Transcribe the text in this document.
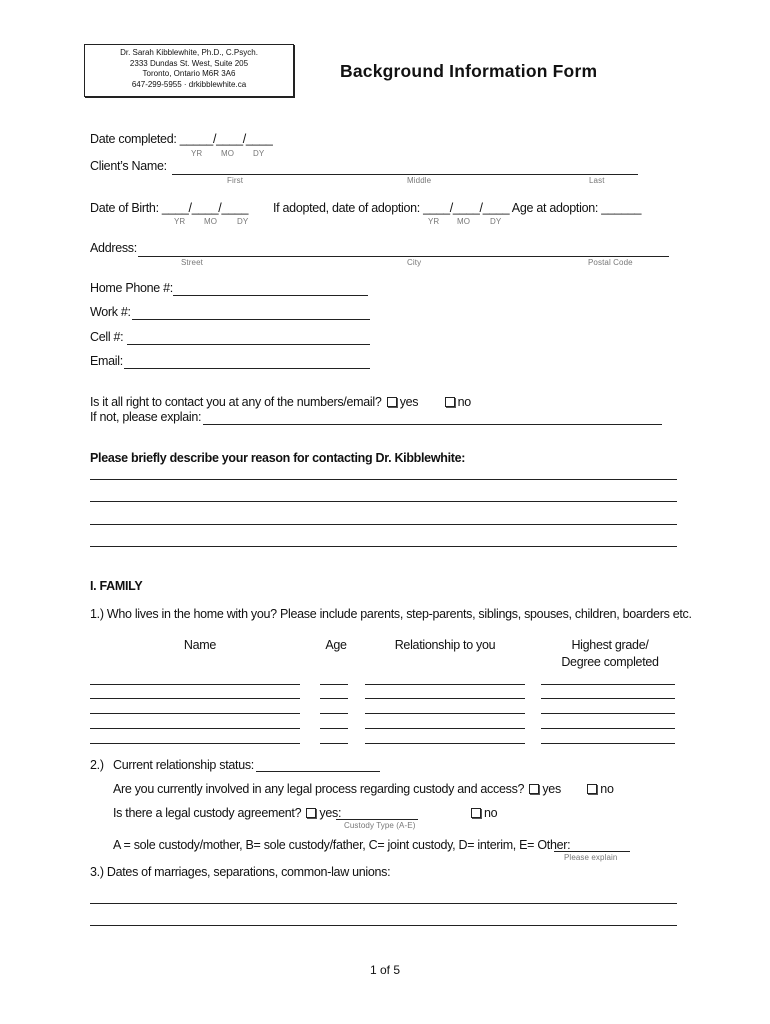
Dr. Sarah Kibblewhite, Ph.D., C.Psych.
2333 Dundas St. West, Suite 205
Toronto, Ontario M6R 3A6
647-299-5955 · drkibblewhite.ca
Background Information Form
Date completed: _____/____/____
YR MO DY
Client’s Name:
First	Middle	Last
Date of Birth: ____/____/____
YR MO DY
If adopted, date of adoption: ____/____/____ Age at adoption: ______
YR MO DY
Address:
Street	City	Postal Code
Home Phone #:
Work #:
Cell #:
Email:
Is it all right to contact you at any of the numbers/email? yes	no
If not, please explain:
Please briefly describe your reason for contacting Dr. Kibblewhite:
I. FAMILY
1.) Who lives in the home with you? Please include parents, step-parents, siblings, spouses, children, boarders etc.
Name	Age	Relationship to you	Highest grade/
Degree completed
2.) Current relationship status:
Are you currently involved in any legal process regarding custody and access? yes	no
Is there a legal custody agreement? yes:	no
Custody Type (A-E)
A = sole custody/mother, B= sole custody/father, C= joint custody, D= interim, E= Other:
Please explain
3.) Dates of marriages, separations, common-law unions:
1 of 5
